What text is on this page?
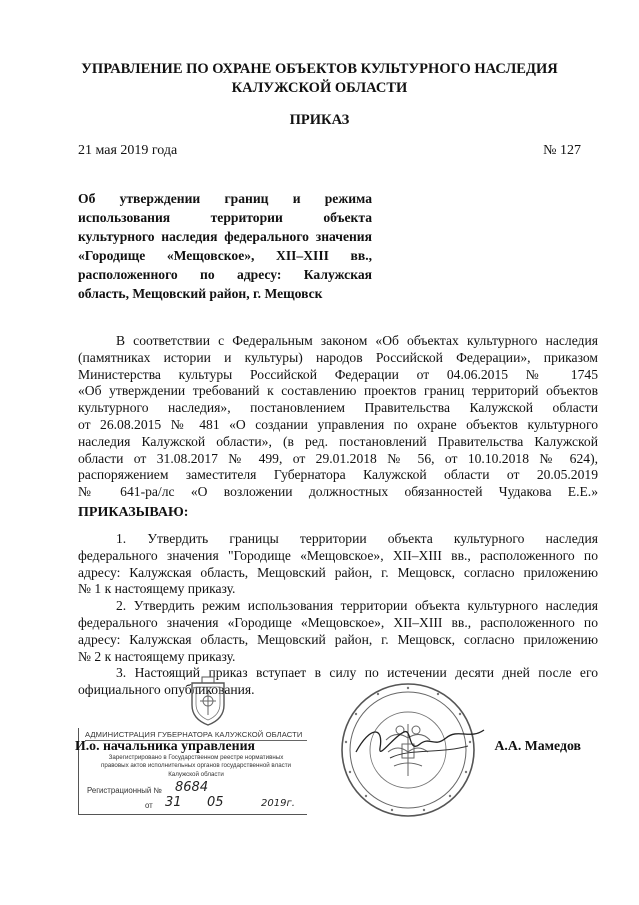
УПРАВЛЕНИЕ ПО ОХРАНЕ ОБЪЕКТОВ КУЛЬТУРНОГО НАСЛЕДИЯ
КАЛУЖСКОЙ ОБЛАСТИ
ПРИКАЗ
21 мая 2019 года	№ 127
Об утверждении границ и режима
использования территории объекта
культурного наследия федерального значения
«Городище «Мещовское», XII–XIII вв.,
расположенного по адресу: Калужская
область, Мещовский район, г. Мещовск
В соответствии с Федеральным законом «Об объектах культурного наследия
(памятниках истории и культуры) народов Российской Федерации», приказом
Министерства культуры Российской Федерации от 04.06.2015 № 1745
«Об утверждении требований к составлению проектов границ территорий объектов
культурного наследия», постановлением Правительства Калужской области
от 26.08.2015 № 481 «О создании управления по охране объектов культурного
наследия Калужской области», (в ред. постановлений Правительства Калужской
области от 31.08.2017 № 499, от 29.01.2018 № 56, от 10.10.2018 № 624),
распоряжением заместителя Губернатора Калужской области от 20.05.2019
№ 641-ра/лс «О возложении должностных обязанностей Чудакова Е.Е.»
ПРИКАЗЫВАЮ:
1. Утвердить границы территории объекта культурного наследия
федерального значения "Городище «Мещовское», XII–XIII вв., расположенного по
адресу: Калужская область, Мещовский район, г. Мещовск, согласно приложению
№ 1 к настоящему приказу.
2. Утвердить режим использования территории объекта культурного наследия
федерального значения «Городище «Мещовское», XII–XIII вв., расположенного по
адресу: Калужская область, Мещовский район, г. Мещовск, согласно приложению
№ 2 к настоящему приказу.
3. Настоящий приказ вступает в силу по истечении десяти дней после его
официального опубликования.
АДМИНИСТРАЦИЯ ГУБЕРНАТОРА КАЛУЖСКОЙ ОБЛАСТИ
Зарегистрировано в Государственном реестре нормативных
правовых актов исполнительных органов государственной власти
Калужской области
Регистрационный № 8684
от 31 05	2019г.
И.о. начальника управления	А.А. Мамедов
